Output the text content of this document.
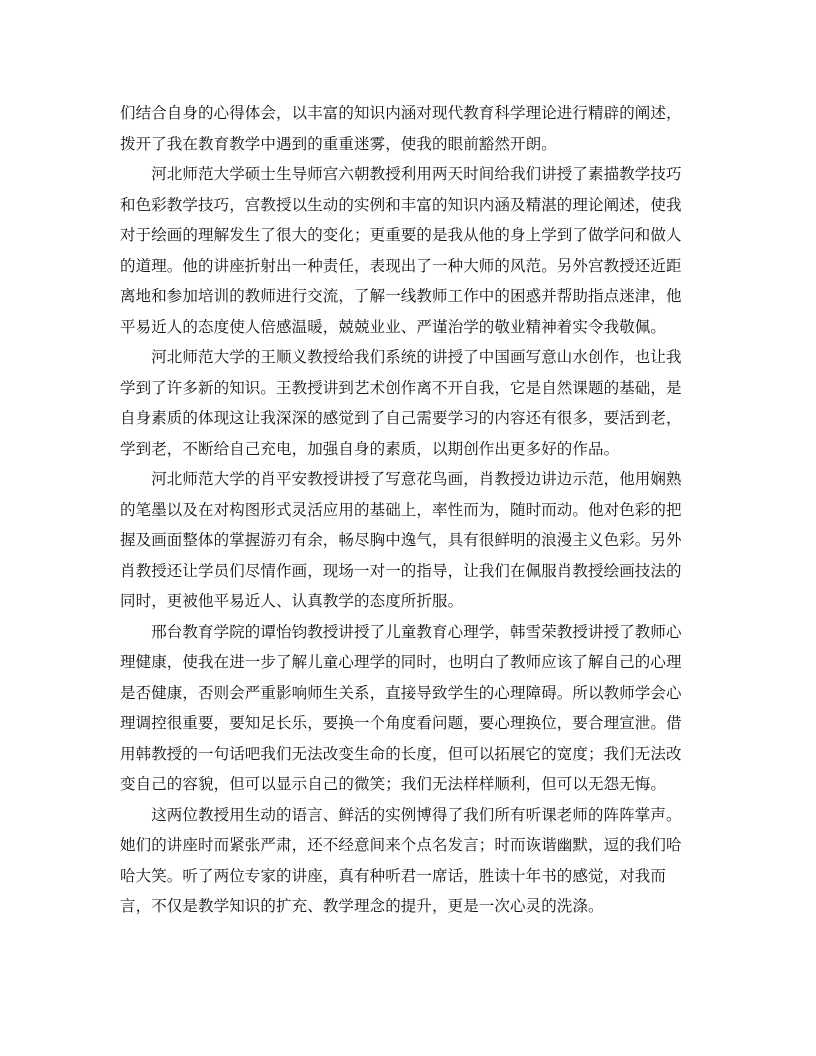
们结合自身的心得体会，以丰富的知识内涵对现代教育科学理论进行精辟的阐述，拨开了我在教育教学中遇到的重重迷雾，使我的眼前豁然开朗。

　　河北师范大学硕士生导师宫六朝教授利用两天时间给我们讲授了素描教学技巧和色彩教学技巧，宫教授以生动的实例和丰富的知识内涵及精湛的理论阐述，使我对于绘画的理解发生了很大的变化；更重要的是我从他的身上学到了做学问和做人的道理。他的讲座折射出一种责任，表现出了一种大师的风范。另外宫教授还近距离地和参加培训的教师进行交流，了解一线教师工作中的困惑并帮助指点迷津，他平易近人的态度使人倍感温暖，兢兢业业、严谨治学的敬业精神着实令我敬佩。

　　河北师范大学的王顺义教授给我们系统的讲授了中国画写意山水创作，也让我学到了许多新的知识。王教授讲到艺术创作离不开自我，它是自然课题的基础，是自身素质的体现这让我深深的感觉到了自己需要学习的内容还有很多，要活到老，学到老，不断给自己充电，加强自身的素质，以期创作出更多好的作品。

　　河北师范大学的肖平安教授讲授了写意花鸟画，肖教授边讲边示范，他用娴熟的笔墨以及在对构图形式灵活应用的基础上，率性而为，随时而动。他对色彩的把握及画面整体的掌握游刃有余，畅尽胸中逸气，具有很鲜明的浪漫主义色彩。另外肖教授还让学员们尽情作画，现场一对一的指导，让我们在佩服肖教授绘画技法的同时，更被他平易近人、认真教学的态度所折服。

　　邢台教育学院的谭怡钧教授讲授了儿童教育心理学，韩雪荣教授讲授了教师心理健康，使我在进一步了解儿童心理学的同时，也明白了教师应该了解自己的心理是否健康，否则会严重影响师生关系，直接导致学生的心理障碍。所以教师学会心理调控很重要，要知足长乐，要换一个角度看问题，要心理换位，要合理宣泄。借用韩教授的一句话吧我们无法改变生命的长度，但可以拓展它的宽度；我们无法改变自己的容貌，但可以显示自己的微笑；我们无法样样顺利，但可以无怨无悔。

　　这两位教授用生动的语言、鲜活的实例博得了我们所有听课老师的阵阵掌声。她们的讲座时而紧张严肃，还不经意间来个点名发言；时而诙谐幽默，逗的我们哈哈大笑。听了两位专家的讲座，真有种听君一席话，胜读十年书的感觉，对我而言，不仅是教学知识的扩充、教学理念的提升，更是一次心灵的洗涤。
